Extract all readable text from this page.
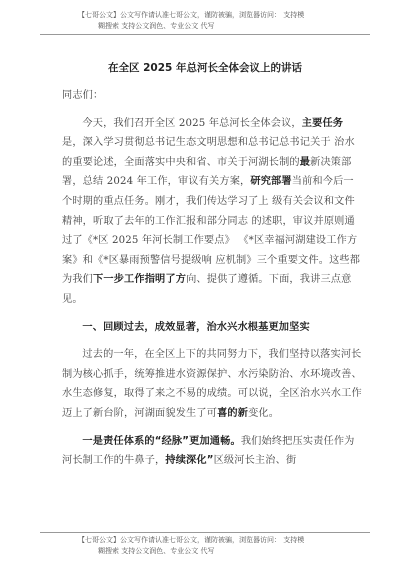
【七哥公文】公文写作请认准七哥公文，谨防被骗，浏览器访问： 支持模
糊搜索 支持公文润色、专业公文 代写
在全区 2025 年总河长全体会议上的讲话

同志们：

今天，我们召开全区 2025 年总河长全体会议，主要任务是，深入学习贯彻总书记生态文明思想和总书记总书记关于 治水的重要论述，全面落实中央和省、市关于河湖长制的最新决策部署，总结 2024 年工作，审议有关方案，研究部署当前和今后一个时期的重点任务。刚才，我们传达学习了上 级有关会议和文件精神，听取了去年的工作汇报和部分同志 的述职，审议并原则通过了《*区 2025 年河长制工作要点》 《*区幸福河湖建设工作方案》和《*区暴雨预警信号提级响 应机制》三个重要文件。这些都为我们下一步工作指明了方向、提供了遵循。下面，我讲三点意见。

一、回顾过去，成效显著，治水兴水根基更加坚实

过去的一年，在全区上下的共同努力下，我们坚持以落实河长制为核心抓手，统筹推进水资源保护、水污染防治、水环境改善、水生态修复，取得了来之不易的成绩。可以说，全区治水兴水工作迈上了新台阶，河湖面貌发生了可喜的新变化。

一是责任体系的“经脉”更加通畅。我们始终把压实责任作为河长制工作的牛鼻子，持续深化”区级河长主治、街

【七哥公文】公文写作请认准七哥公文，谨防被骗，浏览器访问： 支持模
糊搜索 支持公文润色、专业公文 代写
